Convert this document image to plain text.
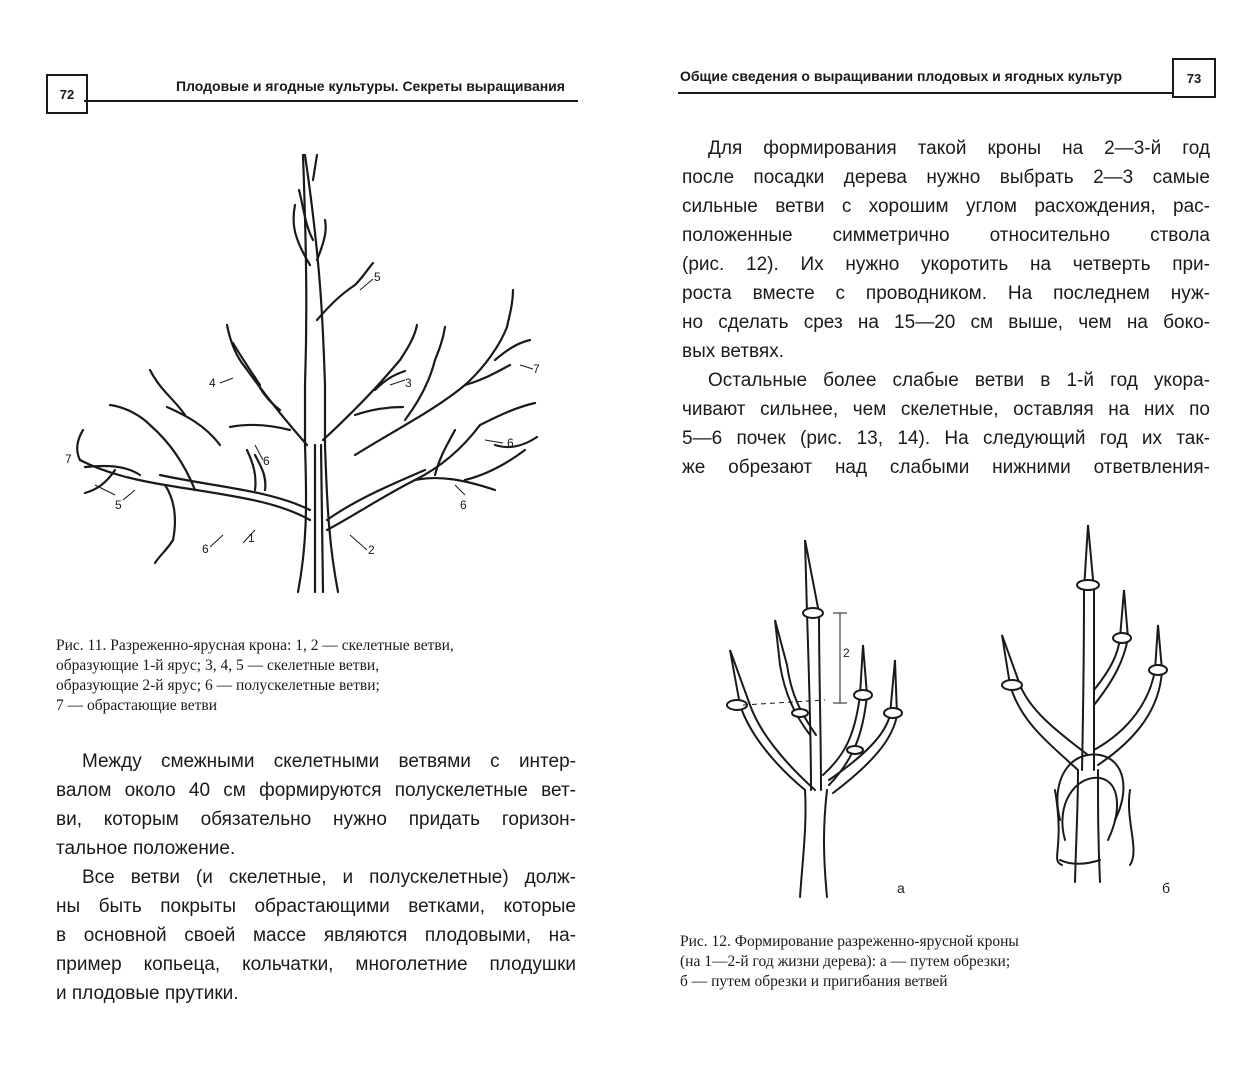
72	Плодовые и ягодные культуры. Секреты выращивания	73
Общие сведения о выращивании плодовых и ягодных культур
1
2
3
4
5
6
6
6
6
7
7
5
Рис. 11. Разреженно-ярусная крона: 1, 2 — скелетные ветви,
образующие 1-й ярус; 3, 4, 5 — скелетные ветви,
образующие 2-й ярус; 6 — полускелетные ветви;
7 — обрастающие ветви

Между смежными скелетными ветвями с интер-
валом около 40 см формируются полускелетные вет-
ви, которым обязательно нужно придать горизон-
тальное положение.

Все ветви (и скелетные, и полускелетные) долж-
ны быть покрыты обрастающими ветками, которые
в основной своей массе являются плодовыми, на-
пример копьеца, кольчатки, многолетние плодушки
и плодовые прутики.

Для формирования такой кроны на 2—3-й год
после посадки дерева нужно выбрать 2—3 самые
сильные ветви с хорошим углом расхождения, рас-
положенные симметрично относительно ствола
(рис. 12). Их нужно укоротить на четверть при-
роста вместе с проводником. На последнем нуж-
но сделать срез на 15—20 см выше, чем на боко-
вых ветвях.

Остальные более слабые ветви в 1-й год укора-
чивают сильнее, чем скелетные, оставляя на них по
5—6 почек (рис. 13, 14). На следующий год их так-
же обрезают над слабыми нижними ответвления-

2
а	б
Рис. 12. Формирование разреженно-ярусной кроны
(на 1—2-й год жизни дерева): а — путем обрезки;
б — путем обрезки и пригибания ветвей
